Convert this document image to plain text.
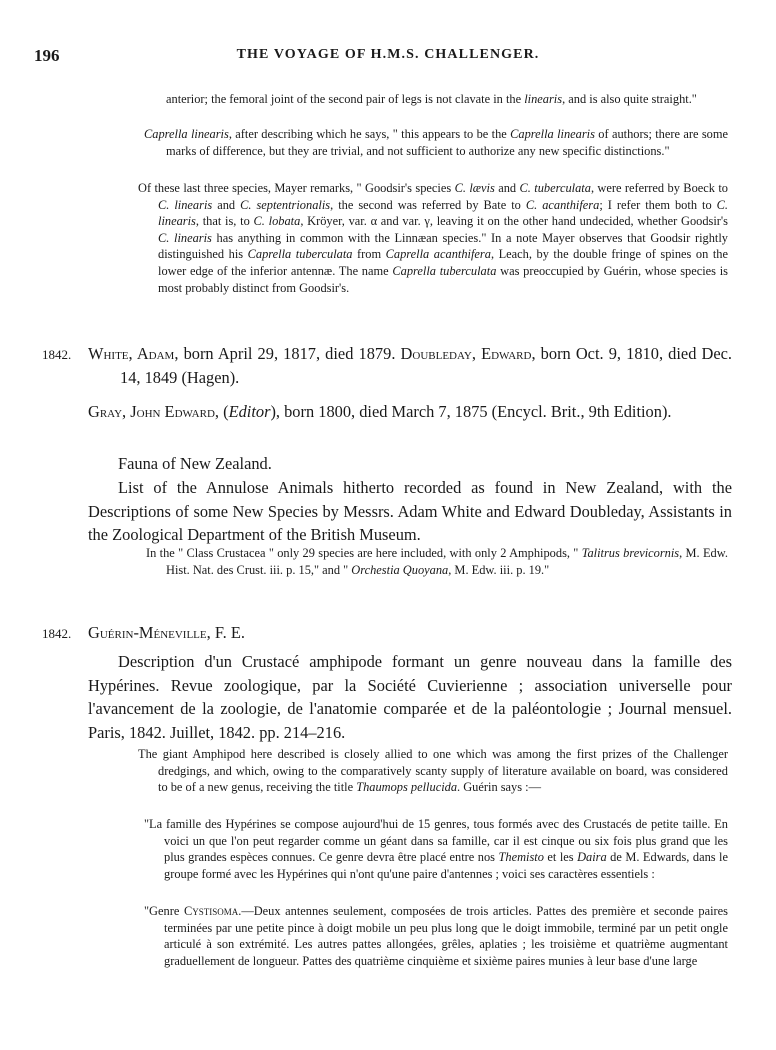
196	THE VOYAGE OF H.M.S. CHALLENGER.
anterior; the femoral joint of the second pair of legs is not clavate in the linearis, and is also quite straight."
Caprella linearis, after describing which he says, " this appears to be the Caprella linearis of authors; there are some marks of difference, but they are trivial, and not sufficient to authorize any new specific distinctions."
Of these last three species, Mayer remarks, " Goodsir's species C. lævis and C. tuberculata, were referred by Boeck to C. linearis and C. septentrionalis, the second was referred by Bate to C. acanthifera; I refer them both to C. linearis, that is, to C. lobata, Kröyer, var. α and var. γ, leaving it on the other hand undecided, whether Goodsir's C. linearis has anything in common with the Linnæan species." In a note Mayer observes that Goodsir rightly distinguished his Caprella tuberculata from Caprella acanthifera, Leach, by the double fringe of spines on the lower edge of the inferior antennæ. The name Caprella tuberculata was preoccupied by Guérin, whose species is most probably distinct from Goodsir's.
1842. White, Adam, born April 29, 1817, died 1879. Doubleday, Edward, born Oct. 9, 1810, died Dec. 14, 1849 (Hagen).
Gray, John Edward, (Editor), born 1800, died March 7, 1875 (Encycl. Brit., 9th Edition).
Fauna of New Zealand.
List of the Annulose Animals hitherto recorded as found in New Zealand, with the Descriptions of some New Species by Messrs. Adam White and Edward Doubleday, Assistants in the Zoological Department of the British Museum.
In the " Class Crustacea " only 29 species are here included, with only 2 Amphipods, " Talitrus brevicornis, M. Edw. Hist. Nat. des Crust. iii. p. 15," and " Orchestia Quoyana, M. Edw. iii. p. 19."
1842. Guérin-Méneville, F. E.
Description d'un Crustacé amphipode formant un genre nouveau dans la famille des Hypérines. Revue zoologique, par la Société Cuvierienne ; association universelle pour l'avancement de la zoologie, de l'anatomie comparée et de la paléontologie ; Journal mensuel. Paris, 1842. Juillet, 1842. pp. 214–216.
The giant Amphipod here described is closely allied to one which was among the first prizes of the Challenger dredgings, and which, owing to the comparatively scanty supply of literature available on board, was considered to be of a new genus, receiving the title Thaumops pellucida. Guérin says :—
"La famille des Hypérines se compose aujourd'hui de 15 genres, tous formés avec des Crustacés de petite taille. En voici un que l'on peut regarder comme un géant dans sa famille, car il est cinque ou six fois plus grand que les plus grandes espèces connues. Ce genre devra être placé entre nos Themisto et les Daira de M. Edwards, dans le groupe formé avec les Hypérines qui n'ont qu'une paire d'antennes ; voici ses caractères essentiels :
"Genre Cystisoma.—Deux antennes seulement, composées de trois articles. Pattes des première et seconde paires terminées par une petite pince à doigt mobile un peu plus long que le doigt immobile, terminé par un petit ongle articulé à son extrémité. Les autres pattes allongées, grêles, aplaties ; les troisième et quatrième augmentant graduellement de longueur. Pattes des quatrième cinquième et sixième paires munies à leur base d'une large
